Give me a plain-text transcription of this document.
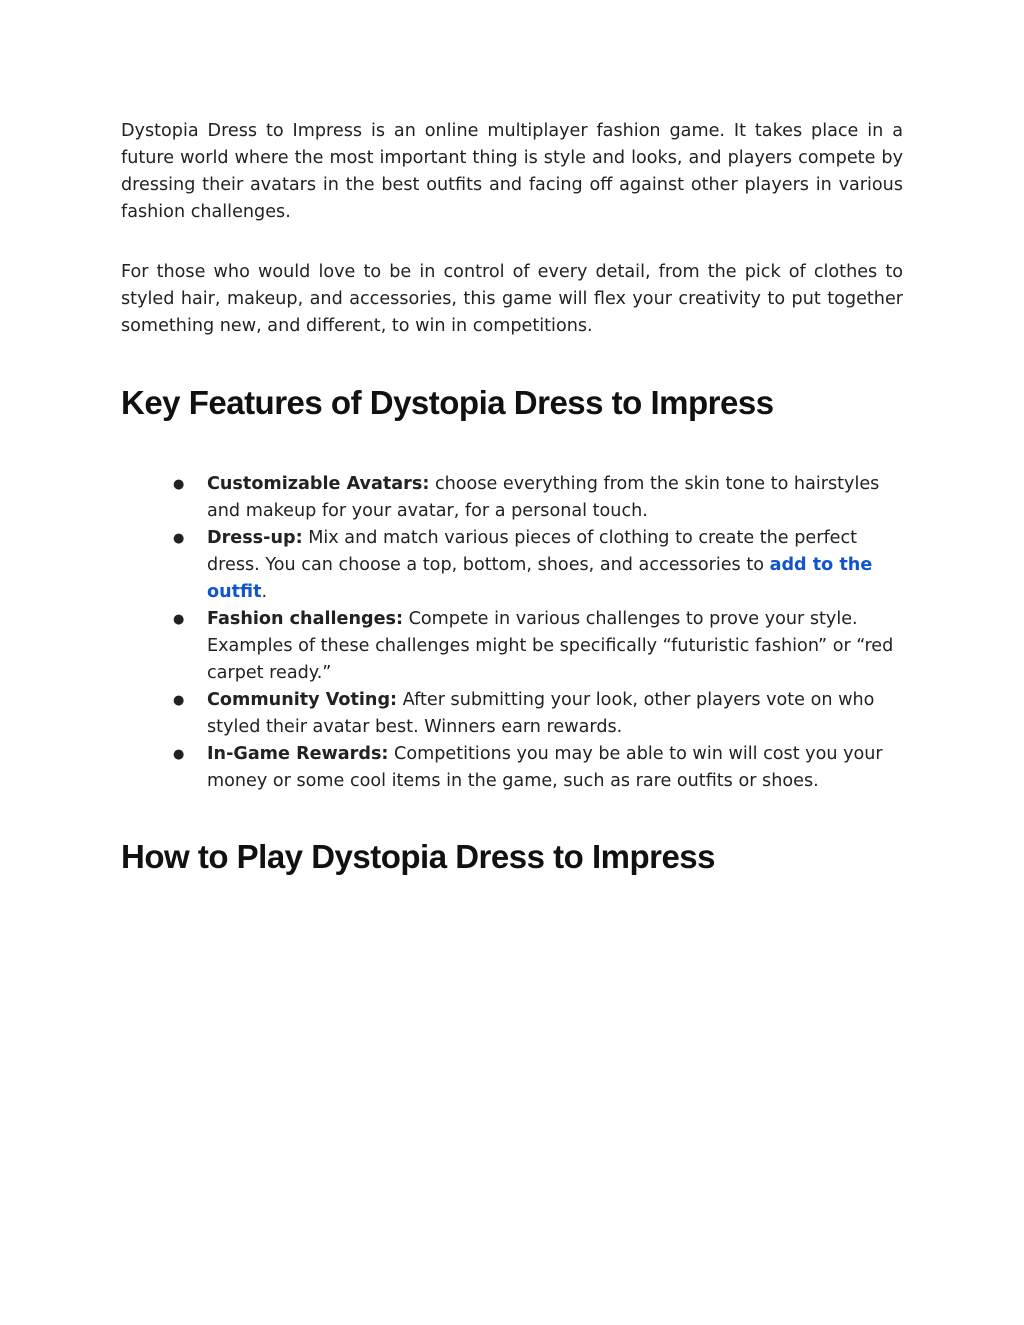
Dystopia Dress to Impress is an online multiplayer fashion game. It takes place in a future world where the most important thing is style and looks, and players compete by dressing their avatars in the best outfits and facing off against other players in various fashion challenges.

For those who would love to be in control of every detail, from the pick of clothes to styled hair, makeup, and accessories, this game will flex your creativity to put together something new, and different, to win in competitions.

Key Features of Dystopia Dress to Impress
● Customizable Avatars: choose everything from the skin tone to hairstyles and makeup for your avatar, for a personal touch.
● Dress-up: Mix and match various pieces of clothing to create the perfect dress. You can choose a top, bottom, shoes, and accessories to add to the outfit.
● Fashion challenges: Compete in various challenges to prove your style. Examples of these challenges might be specifically “futuristic fashion” or “red carpet ready.”
● Community Voting: After submitting your look, other players vote on who styled their avatar best. Winners earn rewards.
● In-Game Rewards: Competitions you may be able to win will cost you your money or some cool items in the game, such as rare outfits or shoes.
How to Play Dystopia Dress to Impress
